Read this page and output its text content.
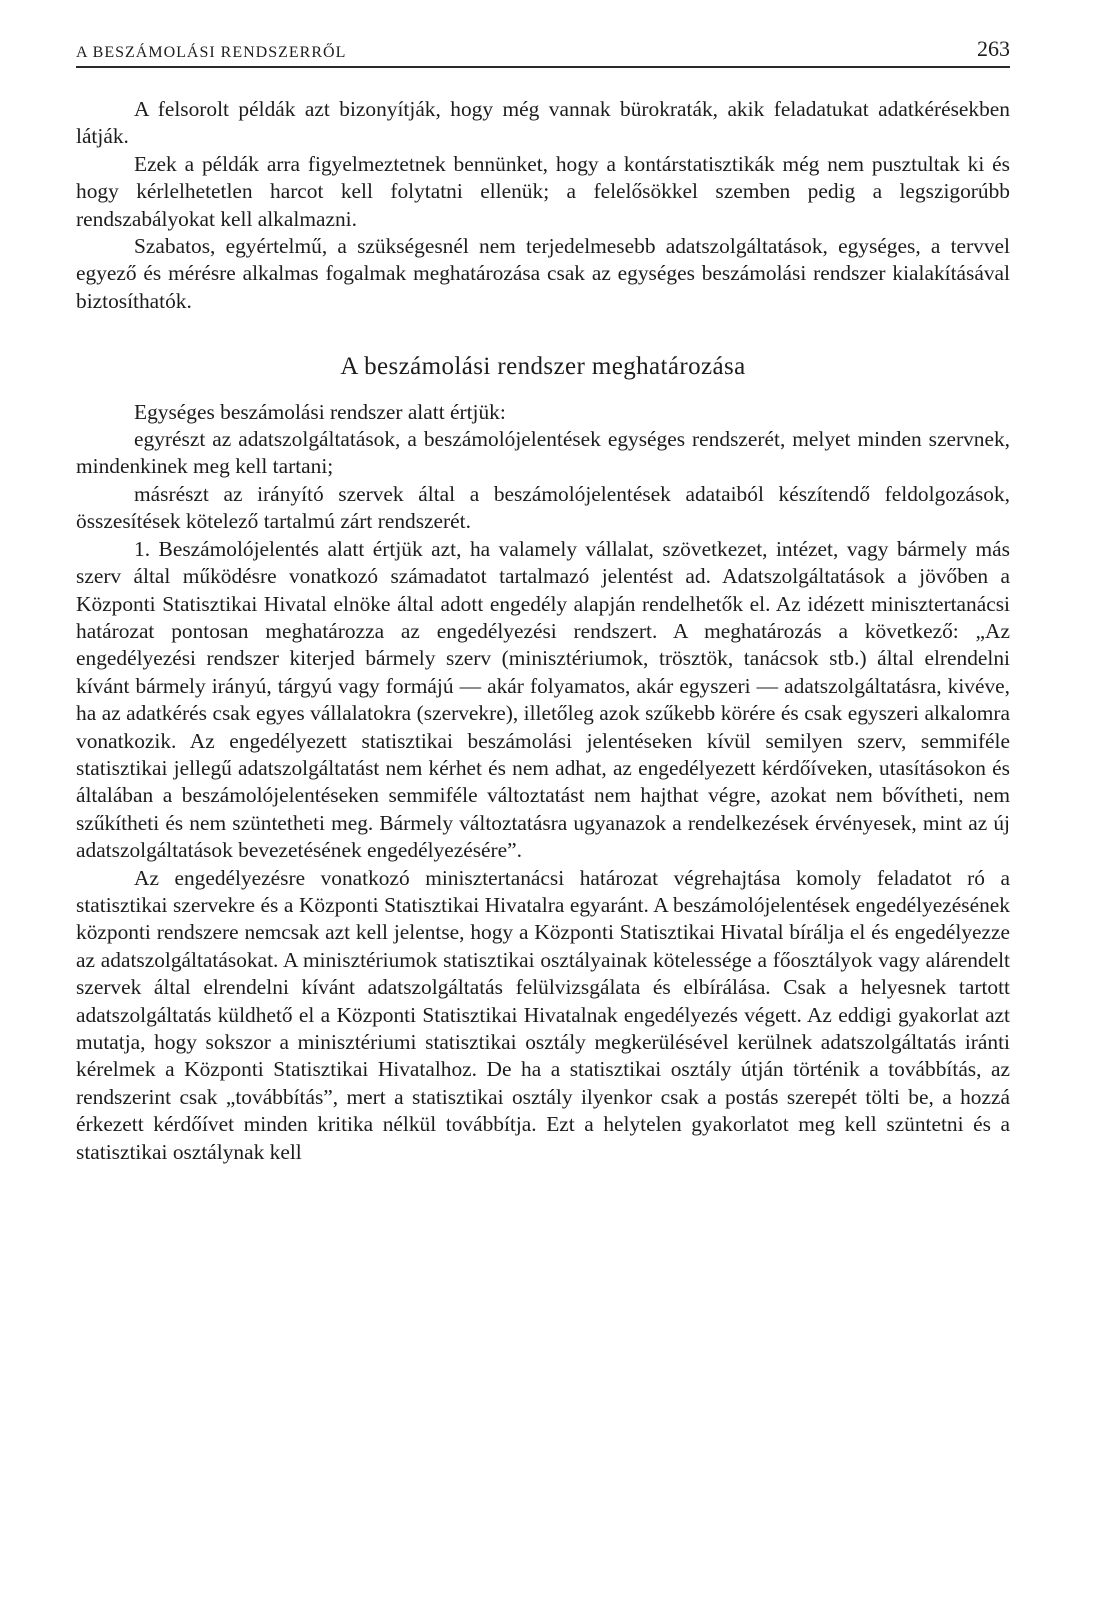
A BESZÁMOLÁSI RENDSZERRŐL	263

A felsorolt példák azt bizonyítják, hogy még vannak bürokraták, akik feladatukat adatkérésekben látják.

Ezek a példák arra figyelmeztetnek bennünket, hogy a kontárstatisztikák még nem pusztultak ki és hogy kérlelhetetlen harcot kell folytatni ellenük; a felelősökkel szemben pedig a legszigorúbb rendszabályokat kell alkalmazni.

Szabatos, egyértelmű, a szükségesnél nem terjedelmesebb adatszolgáltatások, egységes, a tervvel egyező és mérésre alkalmas fogalmak meghatározása csak az egységes beszámolási rendszer kialakításával biztosíthatók.

A beszámolási rendszer meghatározása

Egységes beszámolási rendszer alatt értjük:

egyrészt az adatszolgáltatások, a beszámolójelentések egységes rendszerét, melyet minden szervnek, mindenkinek meg kell tartani;

másrészt az irányító szervek által a beszámolójelentések adataiból készítendő feldolgozások, összesítések kötelező tartalmú zárt rendszerét.

1. Beszámolójelentés alatt értjük azt, ha valamely vállalat, szövetkezet, intézet, vagy bármely más szerv által működésre vonatkozó számadatot tartalmazó jelentést ad. Adatszolgáltatások a jövőben a Központi Statisztikai Hivatal elnöke által adott engedély alapján rendelhetők el. Az idézett minisztertanácsi határozat pontosan meghatározza az engedélyezési rendszert. A meghatározás a következő: „Az engedélyezési rendszer kiterjed bármely szerv (minisztériumok, trösztök, tanácsok stb.) által elrendelni kívánt bármely irányú, tárgyú vagy formájú — akár folyamatos, akár egyszeri — adatszolgáltatásra, kivéve, ha az adatkérés csak egyes vállalatokra (szervekre), illetőleg azok szűkebb körére és csak egyszeri alkalomra vonatkozik. Az engedélyezett statisztikai beszámolási jelentéseken kívül semilyen szerv, semmiféle statisztikai jellegű adatszolgáltatást nem kérhet és nem adhat, az engedélyezett kérdőíveken, utasításokon és általában a beszámolójelentéseken semmiféle változtatást nem hajthat végre, azokat nem bővítheti, nem szűkítheti és nem szüntetheti meg. Bármely változtatásra ugyanazok a rendelkezések érvényesek, mint az új adatszolgáltatások bevezetésének engedélyezésére”.

Az engedélyezésre vonatkozó minisztertanácsi határozat végrehajtása komoly feladatot ró a statisztikai szervekre és a Központi Statisztikai Hivatalra egyaránt. A beszámolójelentések engedélyezésének központi rendszere nemcsak azt kell jelentse, hogy a Központi Statisztikai Hivatal bírálja el és engedélyezze az adatszolgáltatásokat. A minisztériumok statisztikai osztályainak kötelessége a főosztályok vagy alárendelt szervek által elrendelni kívánt adatszolgáltatás felülvizsgálata és elbírálása. Csak a helyesnek tartott adatszolgáltatás küldhető el a Központi Statisztikai Hivatalnak engedélyezés végett. Az eddigi gyakorlat azt mutatja, hogy sokszor a minisztériumi statisztikai osztály megkerülésével kerülnek adatszolgáltatás iránti kérelmek a Központi Statisztikai Hivatalhoz. De ha a statisztikai osztály útján történik a továbbítás, az rendszerint csak „továbbítás”, mert a statisztikai osztály ilyenkor csak a postás szerepét tölti be, a hozzá érkezett kérdőívet minden kritika nélkül továbbítja. Ezt a helytelen gyakorlatot meg kell szüntetni és a statisztikai osztálynak kell
